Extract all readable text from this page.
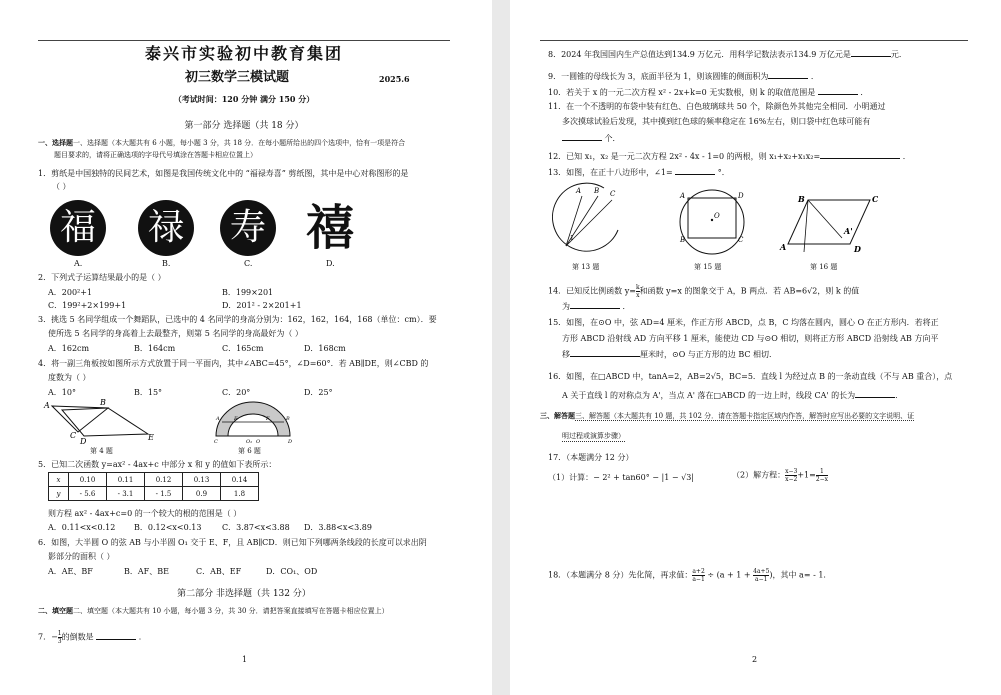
泰兴市实验初中教育集团
初三数学三模试题	2025.6
（考试时间：120 分钟 满分 150 分）
第一部分 选择题（共 18 分）
一、选择题一、选择题（本大题共有 6 小题，每小题 3 分，共 18 分．在每小题所给出的四个选项中，恰有一项是符合
题目要求的，请将正确选项的字母代号填涂在答题卡相应位置上）
1．剪纸是中国独特的民间艺术，如图是我国传统文化中的 “福禄寿喜” 剪纸图，其中是中心对称图形的是
（ ）
福 禄 寿 禧
A.	B.	C.	D.
2．下列式子运算结果最小的是（ ）
A．200²+1	B．199×201
C．199²+2×199+1	D．201² - 2×201+1
3．挑选 5 名同学组成一个舞蹈队，已选中的 4 名同学的身高分别为：162，162，164，168（单位：cm）．要
使所选 5 名同学的身高着上去最整齐，则第 5 名同学的身高最好为（ ）
A．162cm	B．164cm	C．165cm	D．168cm
4．将一副三角板按如图所示方式放置于同一平面内，其中∠ABC=45°，∠D=60°．若 AB∥DE，则∠CBD 的
度数为（ ）
A．10°	B．15°	C．20°	D．25°
A	B
C
D	E
第 4 题
A	E	F	B
C	O₁ O	D
第 6 题
5．已知二次函数 y=ax² - 4ax+c 中部分 x 和 y 的值如下表所示：
x	0.10	0.11	0.12	0.13	0.14
y	- 5.6	- 3.1	- 1.5	0.9	1.8
则方程 ax² - 4ax+c=0 的一个较大的根的范围是（ ）
A．0.11<x<0.12 B．0.12<x<0.13	C．3.87<x<3.88 D．3.88<x<3.89
6．如图，大半圆 O 的弦 AB 与小半圆 O₁ 交于 E、F，且 AB∥CD．则已知下列哪两条线段的长度可以求出阴
影部分的面积（ ）
A．AE、BF	B．AF、BE	C．AB、EF	D．CO₁、OD
第二部分 非选择题（共 132 分）
二、填空题二、填空题（本大题共有 10 小题，每小题 3 分，共 30 分．请把答案直接填写在答题卡相应位置上）
7．− $\frac{1}{3}$ 的倒数是	．
1
8．2024 年我国国内生产总值达到134.9 万亿元．用科学记数法表示134.9 万亿元是	元．
9．一圆锥的母线长为 3，底面半径为 1，则该圆锥的侧面积为	．
10．若关于 x 的一元二次方程 x² - 2x+k=0 无实数根，则 k 的取值范围是	．
11．在一个不透明的布袋中装有红色、白色玻璃球共 50 个，除颜色外其他完全相同．小明通过
多次摸球试验后发现，其中摸到红色球的频率稳定在 16%左右，则口袋中红色球可能有
个．
12．已知 x₁，x₂ 是一元二次方程 2x² - 4x - 1=0 的两根，则 x₁+x₂+x₁x₂=	．
13．如图，在正十八边形中，∠1=	°．
A B C
1
第 13 题
A	D
B	C
O
第 15 题
B	C
A	D
A'
第 16 题
14．已知反比例函数 $y= \frac{k}{x}$ 和函数 y=x 的图象交于 A，B 两点．若 AB=6√2，则 k 的值
为	．
15．如图，在⊙O 中，弦 AD=4 厘米，作正方形 ABCD，点 B，C 均落在圆内，圆心 O 在正方形内．若将正
方形 ABCD 沿射线 AD 方向平移 1 厘米，能使边 CD 与⊙O 相切，则将正方形 ABCD 沿射线 AB 方向平
移	厘米时，⊙O 与正方形的边 BC 相切．
16．如图，在□ABCD 中，tanA=2，AB=2√5，BC=5．直线 l 为经过点 B 的一条动直线（不与 AB 重合），点
A 关于直线 l 的对称点为 A'，当点 A' 落在□ABCD 的一边上时，线段 CA' 的长为	．
三、解答题三、解答题（本大题共有 10 题，共 102 分．请在答题卡指定区域内作答，解答时应写出必要的文字说明、证
明过程或演算步骤）
17．（本题满分 12 分）
（1）计算：− 2² + tan60° − |1 − √3|	（2）解方程： $\frac{x-3}{x-2} +1= \frac{1}{2-x}$
18．（本题满分 8 分）先化简，再求值： $\frac{a+2}{a-1} \div (a + 1 + \frac{4a+5}{a-1}$ )，其中 a= - 1．
2
